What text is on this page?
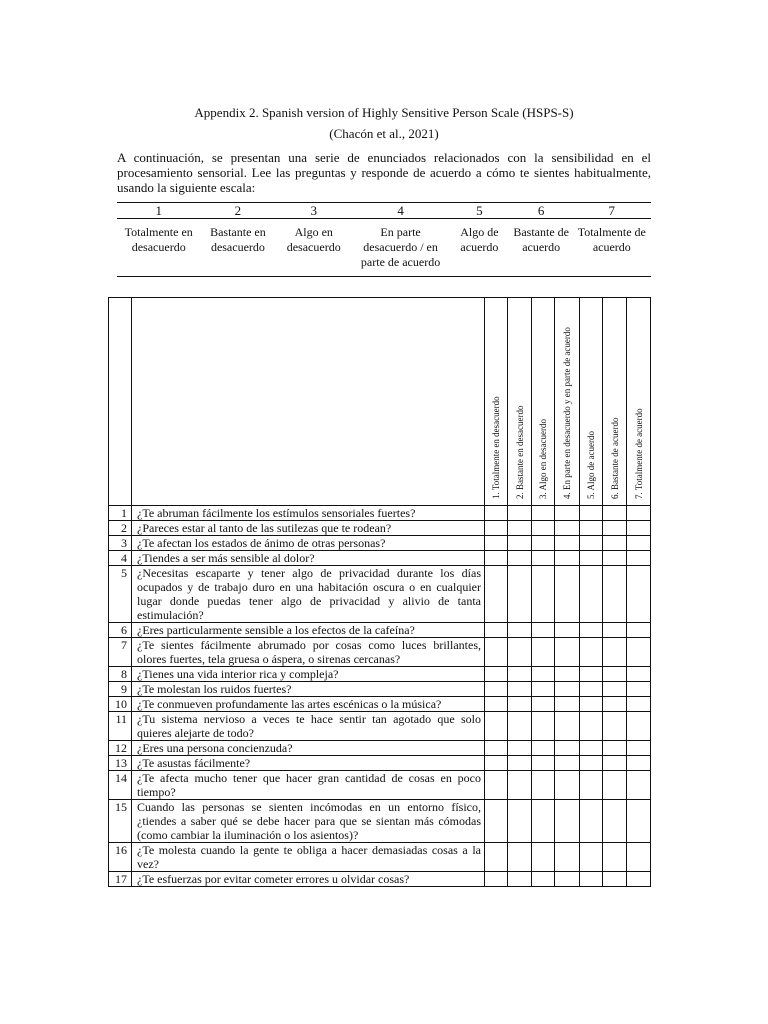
Appendix 2. Spanish version of Highly Sensitive Person Scale (HSPS-S)
(Chacón et al., 2021)
A continuación, se presentan una serie de enunciados relacionados con la sensibilidad en el procesamiento sensorial. Lee las preguntas y responde de acuerdo a cómo te sientes habitualmente, usando la siguiente escala:
1	2	3	4	5	6	7
Totalmente en desacuerdo	Bastante en desacuerdo	Algo en desacuerdo	En parte desacuerdo / en parte de acuerdo	Algo de acuerdo	Bastante de acuerdo	Totalmente de acuerdo

		1. Totalmente en desacuerdo	2. Bastante en desacuerdo	3. Algo en desacuerdo	4. En parte en desacuerdo y en parte de acuerdo	5. Algo de acuerdo	6. Bastante de acuerdo	7. Totalmente de acuerdo

1	¿Te abruman fácilmente los estímulos sensoriales fuertes?							
2	¿Pareces estar al tanto de las sutilezas que te rodean?							
3	¿Te afectan los estados de ánimo de otras personas?							
4	¿Tiendes a ser más sensible al dolor?							
5	¿Necesitas escaparte y tener algo de privacidad durante los días ocupados y de trabajo duro en una habitación oscura o en cualquier lugar donde puedas tener algo de privacidad y alivio de tanta estimulación?							
6	¿Eres particularmente sensible a los efectos de la cafeína?							
7	¿Te sientes fácilmente abrumado por cosas como luces brillantes, olores fuertes, tela gruesa o áspera, o sirenas cercanas?							
8	¿Tienes una vida interior rica y compleja?							
9	¿Te molestan los ruidos fuertes?							
10	¿Te conmueven profundamente las artes escénicas o la música?							
11	¿Tu sistema nervioso a veces te hace sentir tan agotado que solo quieres alejarte de todo?							
12	¿Eres una persona concienzuda?							
13	¿Te asustas fácilmente?							
14	¿Te afecta mucho tener que hacer gran cantidad de cosas en poco tiempo?							
15	Cuando las personas se sienten incómodas en un entorno físico, ¿tiendes a saber qué se debe hacer para que se sientan más cómodas (como cambiar la iluminación o los asientos)?							
16	¿Te molesta cuando la gente te obliga a hacer demasiadas cosas a la vez?							
17	¿Te esfuerzas por evitar cometer errores u olvidar cosas?							
